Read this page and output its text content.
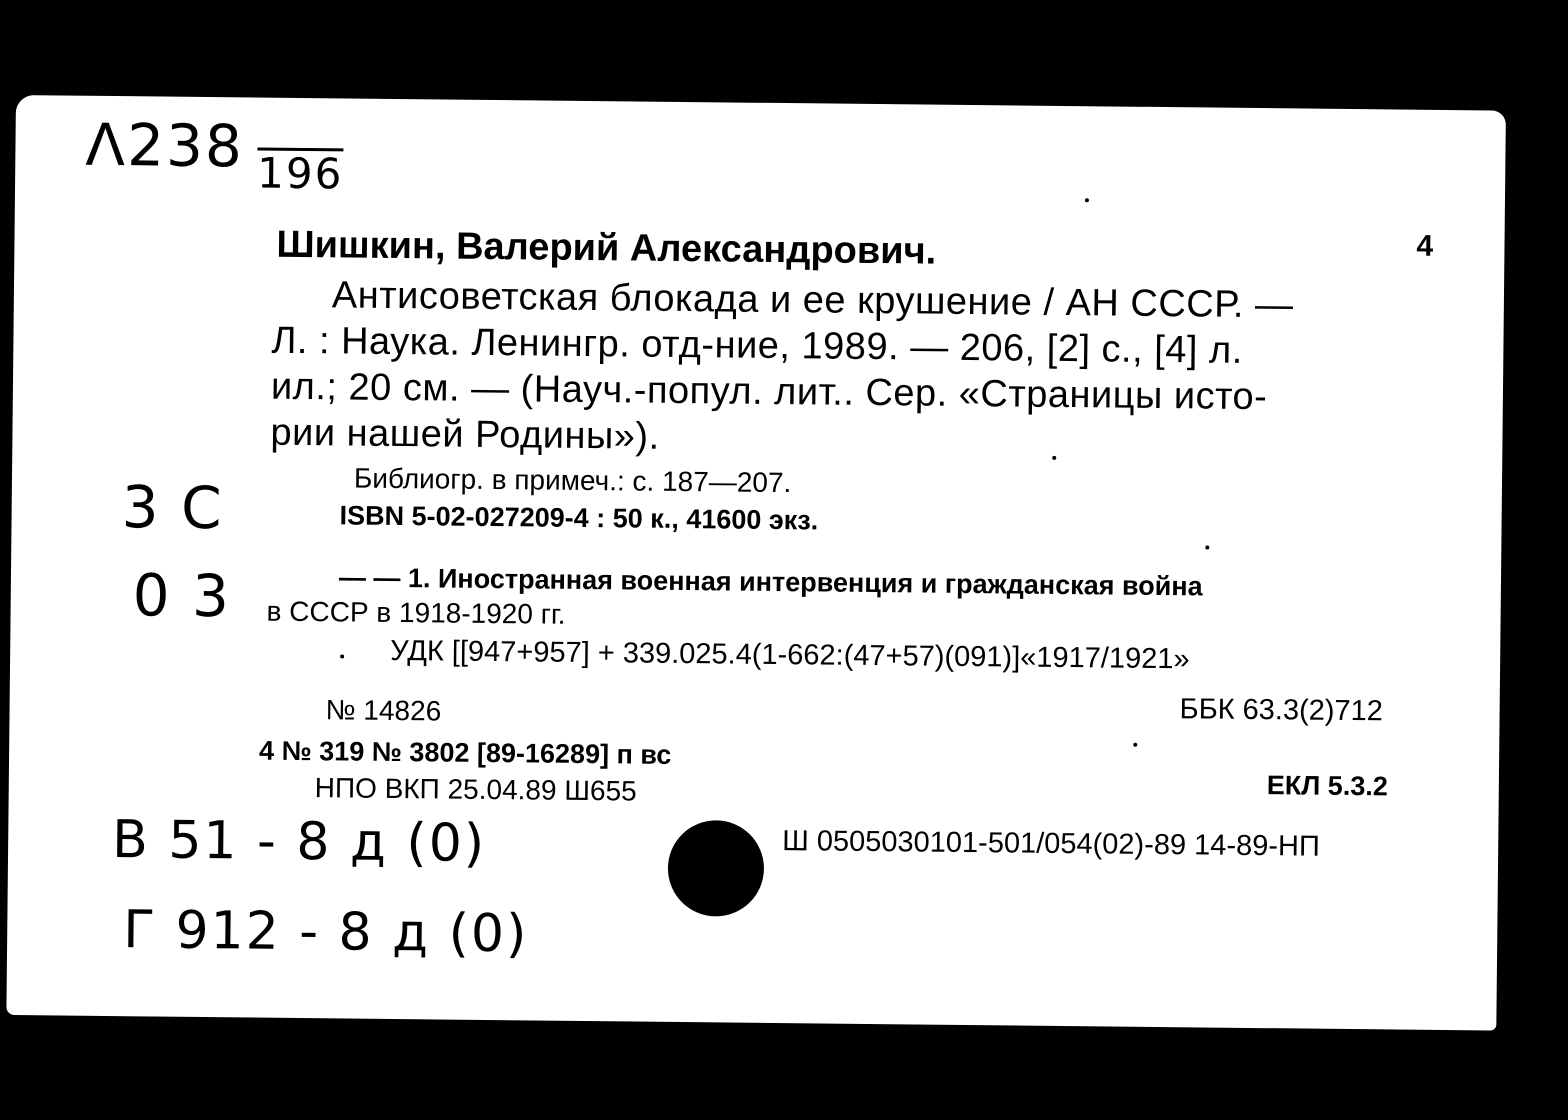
Λ238 196
4
Шишкин, Валерий Александрович.
Антисоветская блокада и ее крушение / АН СССР. —
Л. : Наука. Ленингр. отд-ние, 1989. — 206, [2] с., [4] л.
ил.; 20 см. — (Науч.-попул. лит.. Сер. «Страницы исто-
рии нашей Родины»).
Библиогр. в примеч.: с. 187—207.
ISBN 5-02-027209-4 : 50 к., 41600 экз.
3 С
0 3	— — 1. Иностранная военная интервенция и гражданская война
в СССР в 1918-1920 гг.
УДК [[947+957] + 339.025.4(1-662:(47+57)(091)]«1917/1921»
№ 14826	ББК 63.3(2)712
4 № 319 № 3802 [89-16289] п вс
НПО ВКП 25.04.89 Ш655	ЕКЛ 5.3.2
Ш 0505030101-501/054(02)-89 14-89-НП
В 51 - 8 д (0)
Г 912 - 8 д (0)
